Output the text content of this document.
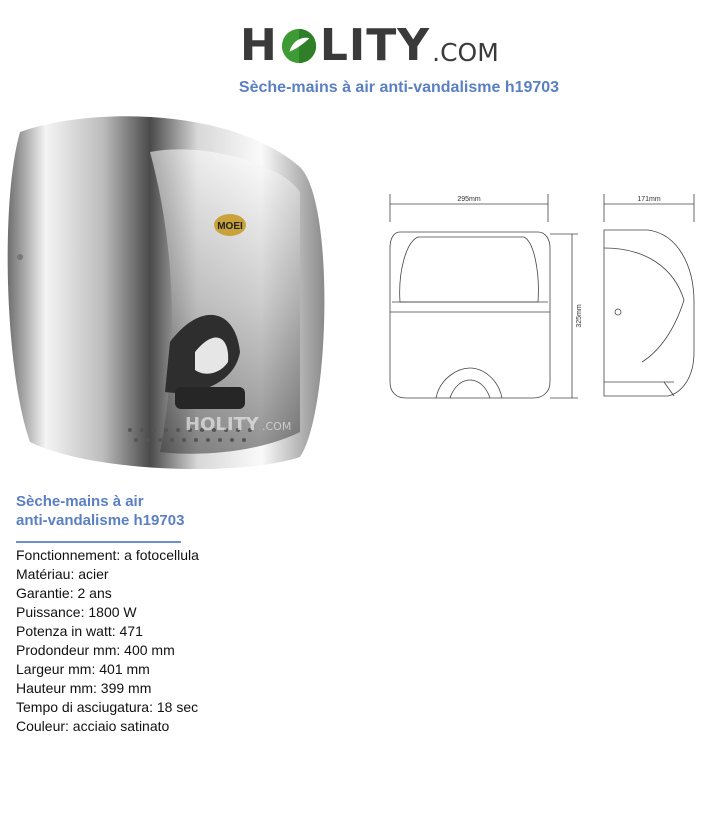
H LITY .COM
Sèche-mains à air anti-vandalisme h19703
MOEI
HOLITY .COM
295mm	171mm
325mm
Sèche-mains à air
anti-vandalisme h19703
Fonctionnement: a fotocellula
Matériau: acier
Garantie: 2 ans
Puissance: 1800 W
Potenza in watt: 471
Prodondeur mm: 400 mm
Largeur mm: 401 mm
Hauteur mm: 399 mm
Tempo di asciugatura: 18 sec
Couleur: acciaio satinato
